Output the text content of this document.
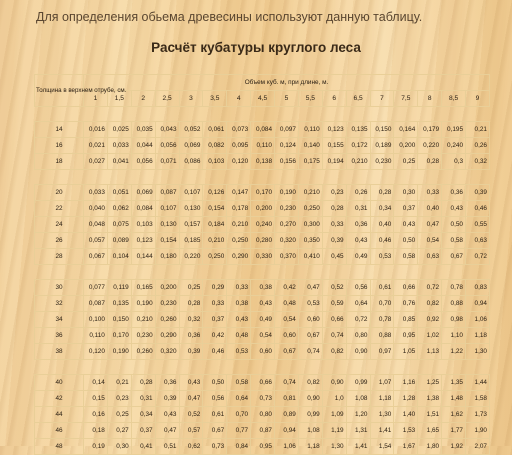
Для определения обьема древесины используют данную таблицу.
Расчёт кубатуры круглого леса
Толщина в верхнем отрубе, см.	Объем куб. м, при длине, м.																
	1	1,5	2	2,5	3	3,5	4	4,5	5	5,5	6	6,5	7	7,5	8	8,5	9

14	0,016	0,025	0,035	0,043	0,052	0,061	0,073	0,084	0,097	0,110	0,123	0,135	0,150	0,164	0,179	0,195	0,21
16	0,021	0,033	0,044	0,056	0,069	0,082	0,095	0,110	0,124	0,140	0,155	0,172	0,189	0,200	0,220	0,240	0,26
18	0,027	0,041	0,056	0,071	0,086	0,103	0,120	0,138	0,156	0,175	0,194	0,210	0,230	0,25	0,28	0,3	0,32

20	0,033	0,051	0,069	0,087	0,107	0,126	0,147	0,170	0,190	0,210	0,23	0,26	0,28	0,30	0,33	0,36	0,39
22	0,040	0,062	0,084	0,107	0,130	0,154	0,178	0,200	0,230	0,250	0,28	0,31	0,34	0,37	0,40	0,43	0,46
24	0,048	0,075	0,103	0,130	0,157	0,184	0,210	0,240	0,270	0,300	0,33	0,36	0,40	0,43	0,47	0,50	0,55
26	0,057	0,089	0,123	0,154	0,185	0,210	0,250	0,280	0,320	0,350	0,39	0,43	0,46	0,50	0,54	0,58	0,63
28	0,067	0,104	0,144	0,180	0,220	0,250	0,290	0,330	0,370	0,410	0,45	0,49	0,53	0,58	0,63	0,67	0,72

30	0,077	0,119	0,165	0,200	0,25	0,29	0,33	0,38	0,42	0,47	0,52	0,56	0,61	0,66	0,72	0,78	0,83
32	0,087	0,135	0,190	0,230	0,28	0,33	0,38	0,43	0,48	0,53	0,59	0,64	0,70	0,76	0,82	0,88	0,94
34	0,100	0,150	0,210	0,260	0,32	0,37	0,43	0,49	0,54	0,60	0,66	0,72	0,78	0,85	0,92	0,98	1,06
36	0,110	0,170	0,230	0,290	0,36	0,42	0,48	0,54	0,60	0,67	0,74	0,80	0,88	0,95	1,02	1,10	1,18
38	0,120	0,190	0,260	0,320	0,39	0,46	0,53	0,60	0,67	0,74	0,82	0,90	0,97	1,05	1,13	1,22	1,30

40	0,14	0,21	0,28	0,36	0,43	0,50	0,58	0,66	0,74	0,82	0,90	0,99	1,07	1,16	1,25	1,35	1,44
42	0,15	0,23	0,31	0,39	0,47	0,56	0,64	0,73	0,81	0,90	1,0	1,08	1,18	1,28	1,38	1,48	1,58
44	0,16	0,25	0,34	0,43	0,52	0,61	0,70	0,80	0,89	0,99	1,09	1,20	1,30	1,40	1,51	1,62	1,73
46	0,18	0,27	0,37	0,47	0,57	0,67	0,77	0,87	0,94	1,08	1,19	1,31	1,41	1,53	1,65	1,77	1,90
48	0,19	0,30	0,41	0,51	0,62	0,73	0,84	0,95	1,06	1,18	1,30	1,41	1,54	1,67	1,80	1,92	2,07
